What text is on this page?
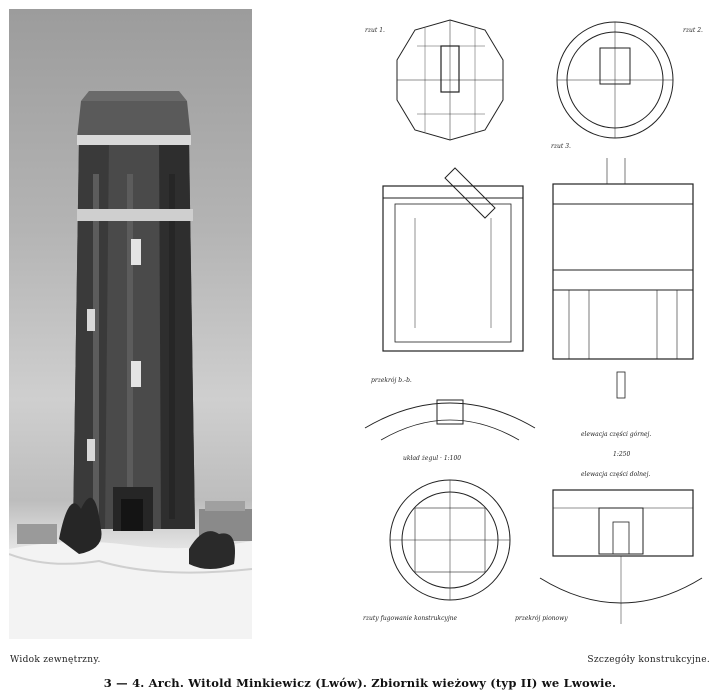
rzut 1.	rzut 2.
rzut 3.
przekrój b.-b.
układ żegul · 1:100
elewacja części górnej.
1:250
elewacja części dolnej.
rzuty fugowanie konstrukcyjne	przekrój pionowy
Widok zewnętrzny.	Szczegóły konstrukcyjne.
3 — 4. Arch. Witold Minkiewicz (Lwów). Zbiornik wieżowy (typ II) we Lwowie.
